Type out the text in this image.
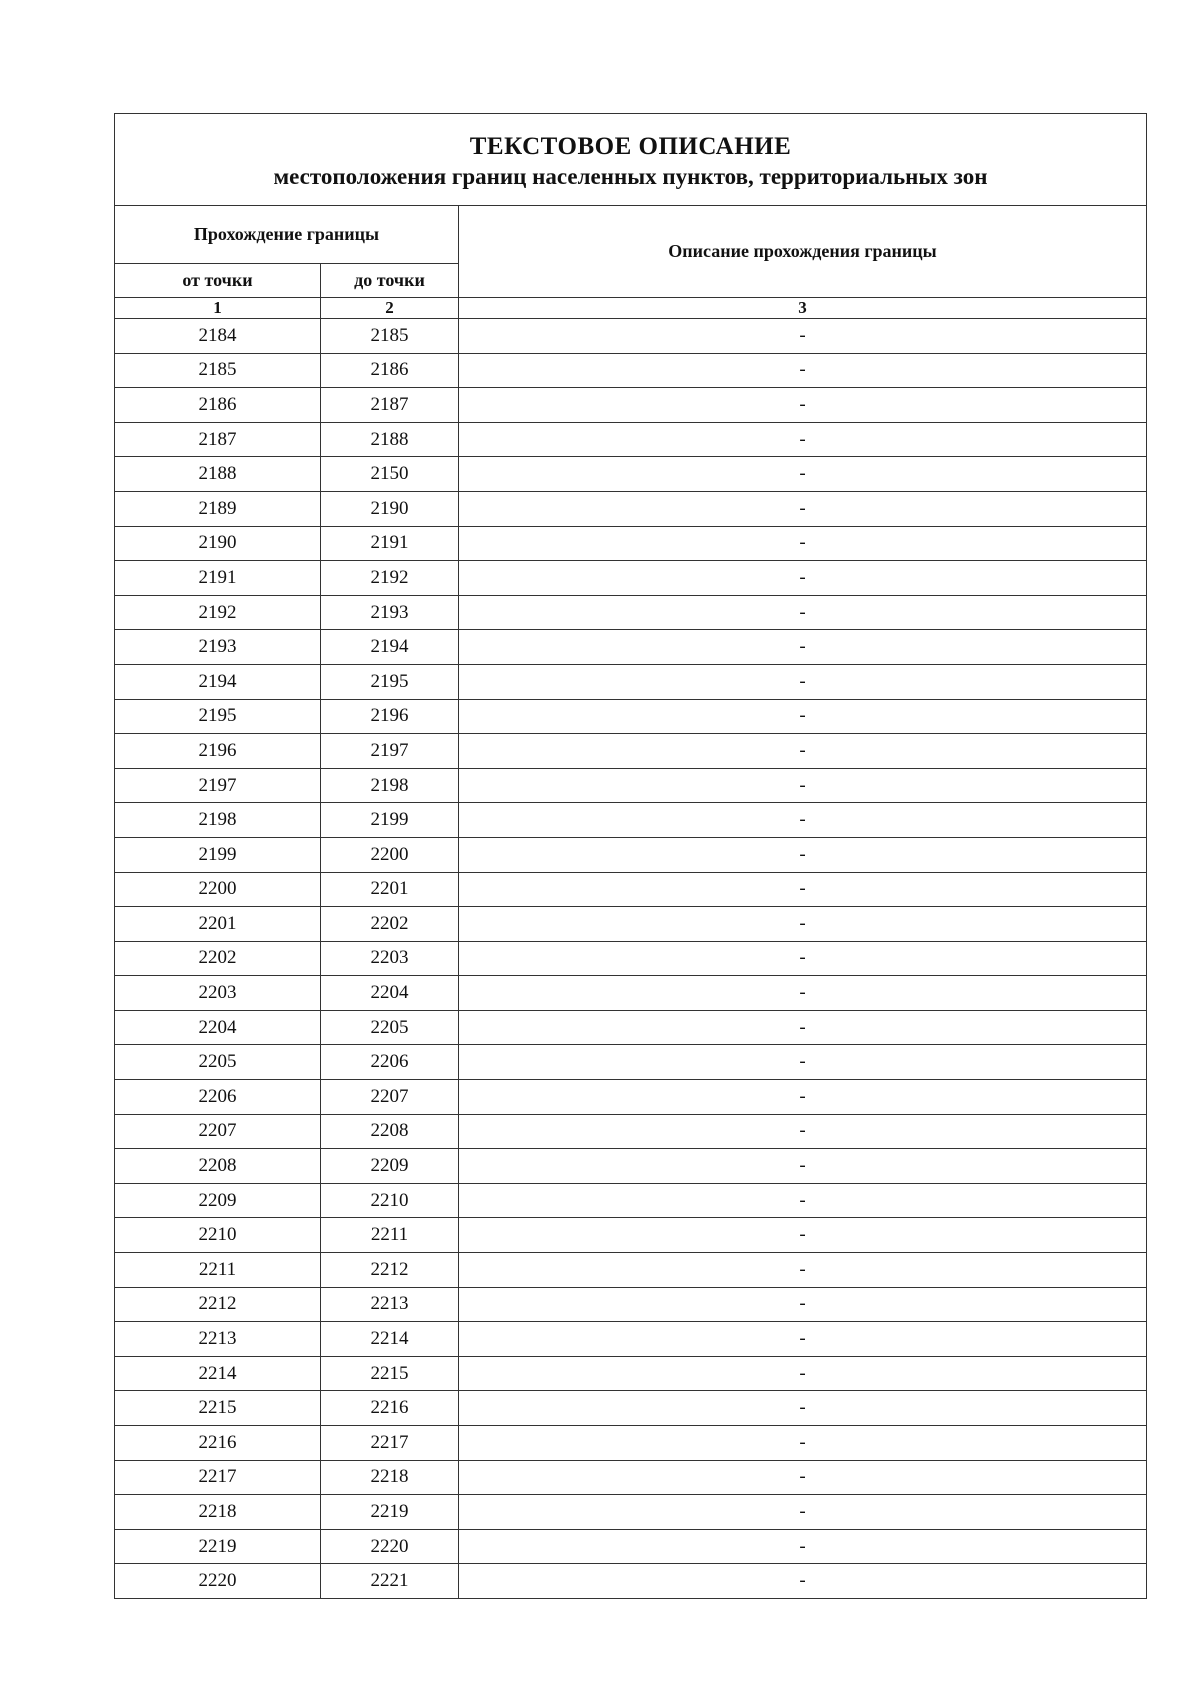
ТЕКСТОВОЕ ОПИСАНИЕ
местоположения границ населенных пунктов, территориальных зон		

Прохождение границы		Описание прохождения границы
от точки	до точки	
1	2	3
2184	2185	-
2185	2186	-
2186	2187	-
2187	2188	-
2188	2150	-
2189	2190	-
2190	2191	-
2191	2192	-
2192	2193	-
2193	2194	-
2194	2195	-
2195	2196	-
2196	2197	-
2197	2198	-
2198	2199	-
2199	2200	-
2200	2201	-
2201	2202	-
2202	2203	-
2203	2204	-
2204	2205	-
2205	2206	-
2206	2207	-
2207	2208	-
2208	2209	-
2209	2210	-
2210	2211	-
2211	2212	-
2212	2213	-
2213	2214	-
2214	2215	-
2215	2216	-
2216	2217	-
2217	2218	-
2218	2219	-
2219	2220	-
2220	2221	-
